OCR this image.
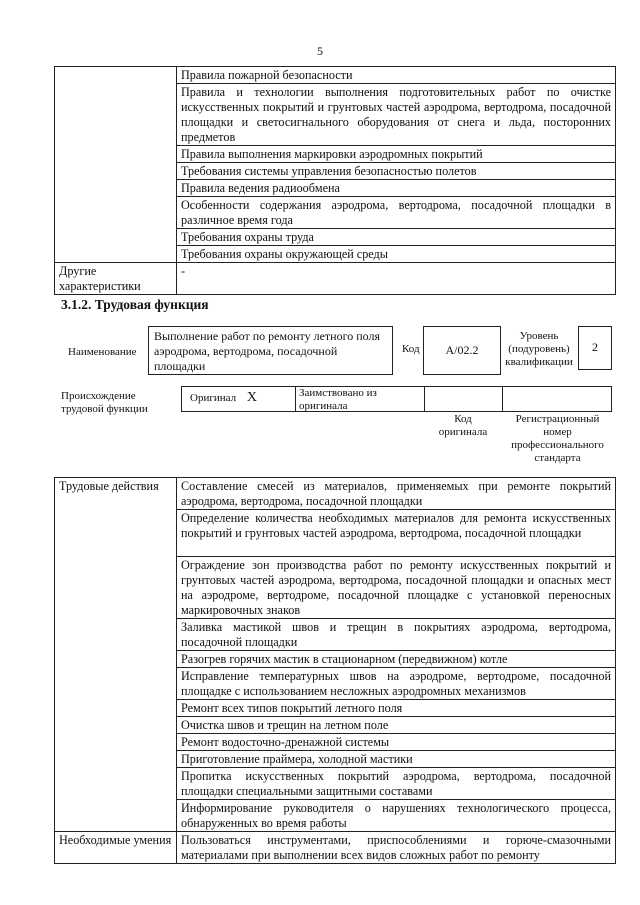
5
	Правила пожарной безопасности
	Правила и технологии выполнения подготовительных работ по очистке искусственных покрытий и грунтовых частей аэродрома, вертодрома, посадочной площадки и светосигнального оборудования от снега и льда, посторонних предметов
	Правила выполнения маркировки аэродромных покрытий
	Требования системы управления безопасностью полетов
	Правила ведения радиообмена
	Особенности содержания аэродрома, вертодрома, посадочной площадки в различное время года
	Требования охраны труда
	Требования охраны окружающей среды
Другие характеристики	-
3.1.2. Трудовая функция
Наименование
Выполнение работ по ремонту летного поля аэродрома, вертодрома, посадочной площадки
Код	A/02.2
Уровень (подуровень) квалификации
2
Происхождение трудовой функции
Оригинал X	Заимствовано из оригинала
Код оригинала
Регистрационный номер профессионального стандарта
Трудовые действия	Составление смесей из материалов, применяемых при ремонте покрытий аэродрома, вертодрома, посадочной площадки
	Определение количества необходимых материалов для ремонта искусственных покрытий и грунтовых частей аэродрома, вертодрома, посадочной площадки
	Ограждение зон производства работ по ремонту искусственных покрытий и грунтовых частей аэродрома, вертодрома, посадочной площадки и опасных мест на аэродроме, вертодроме, посадочной площадке с установкой переносных маркировочных знаков
	Заливка мастикой швов и трещин в покрытиях аэродрома, вертодрома, посадочной площадки
	Разогрев горячих мастик в стационарном (передвижном) котле
	Исправление температурных швов на аэродроме, вертодроме, посадочной площадке с использованием несложных аэродромных механизмов
	Ремонт всех типов покрытий летного поля
	Очистка швов и трещин на летном поле
	Ремонт водосточно-дренажной системы
	Приготовление праймера, холодной мастики
	Пропитка искусственных покрытий аэродрома, вертодрома, посадочной площадки специальными защитными составами
	Информирование руководителя о нарушениях технологического процесса, обнаруженных во время работы
Необходимые умения	Пользоваться инструментами, приспособлениями и горюче-смазочными материалами при выполнении всех видов сложных работ по ремонту
